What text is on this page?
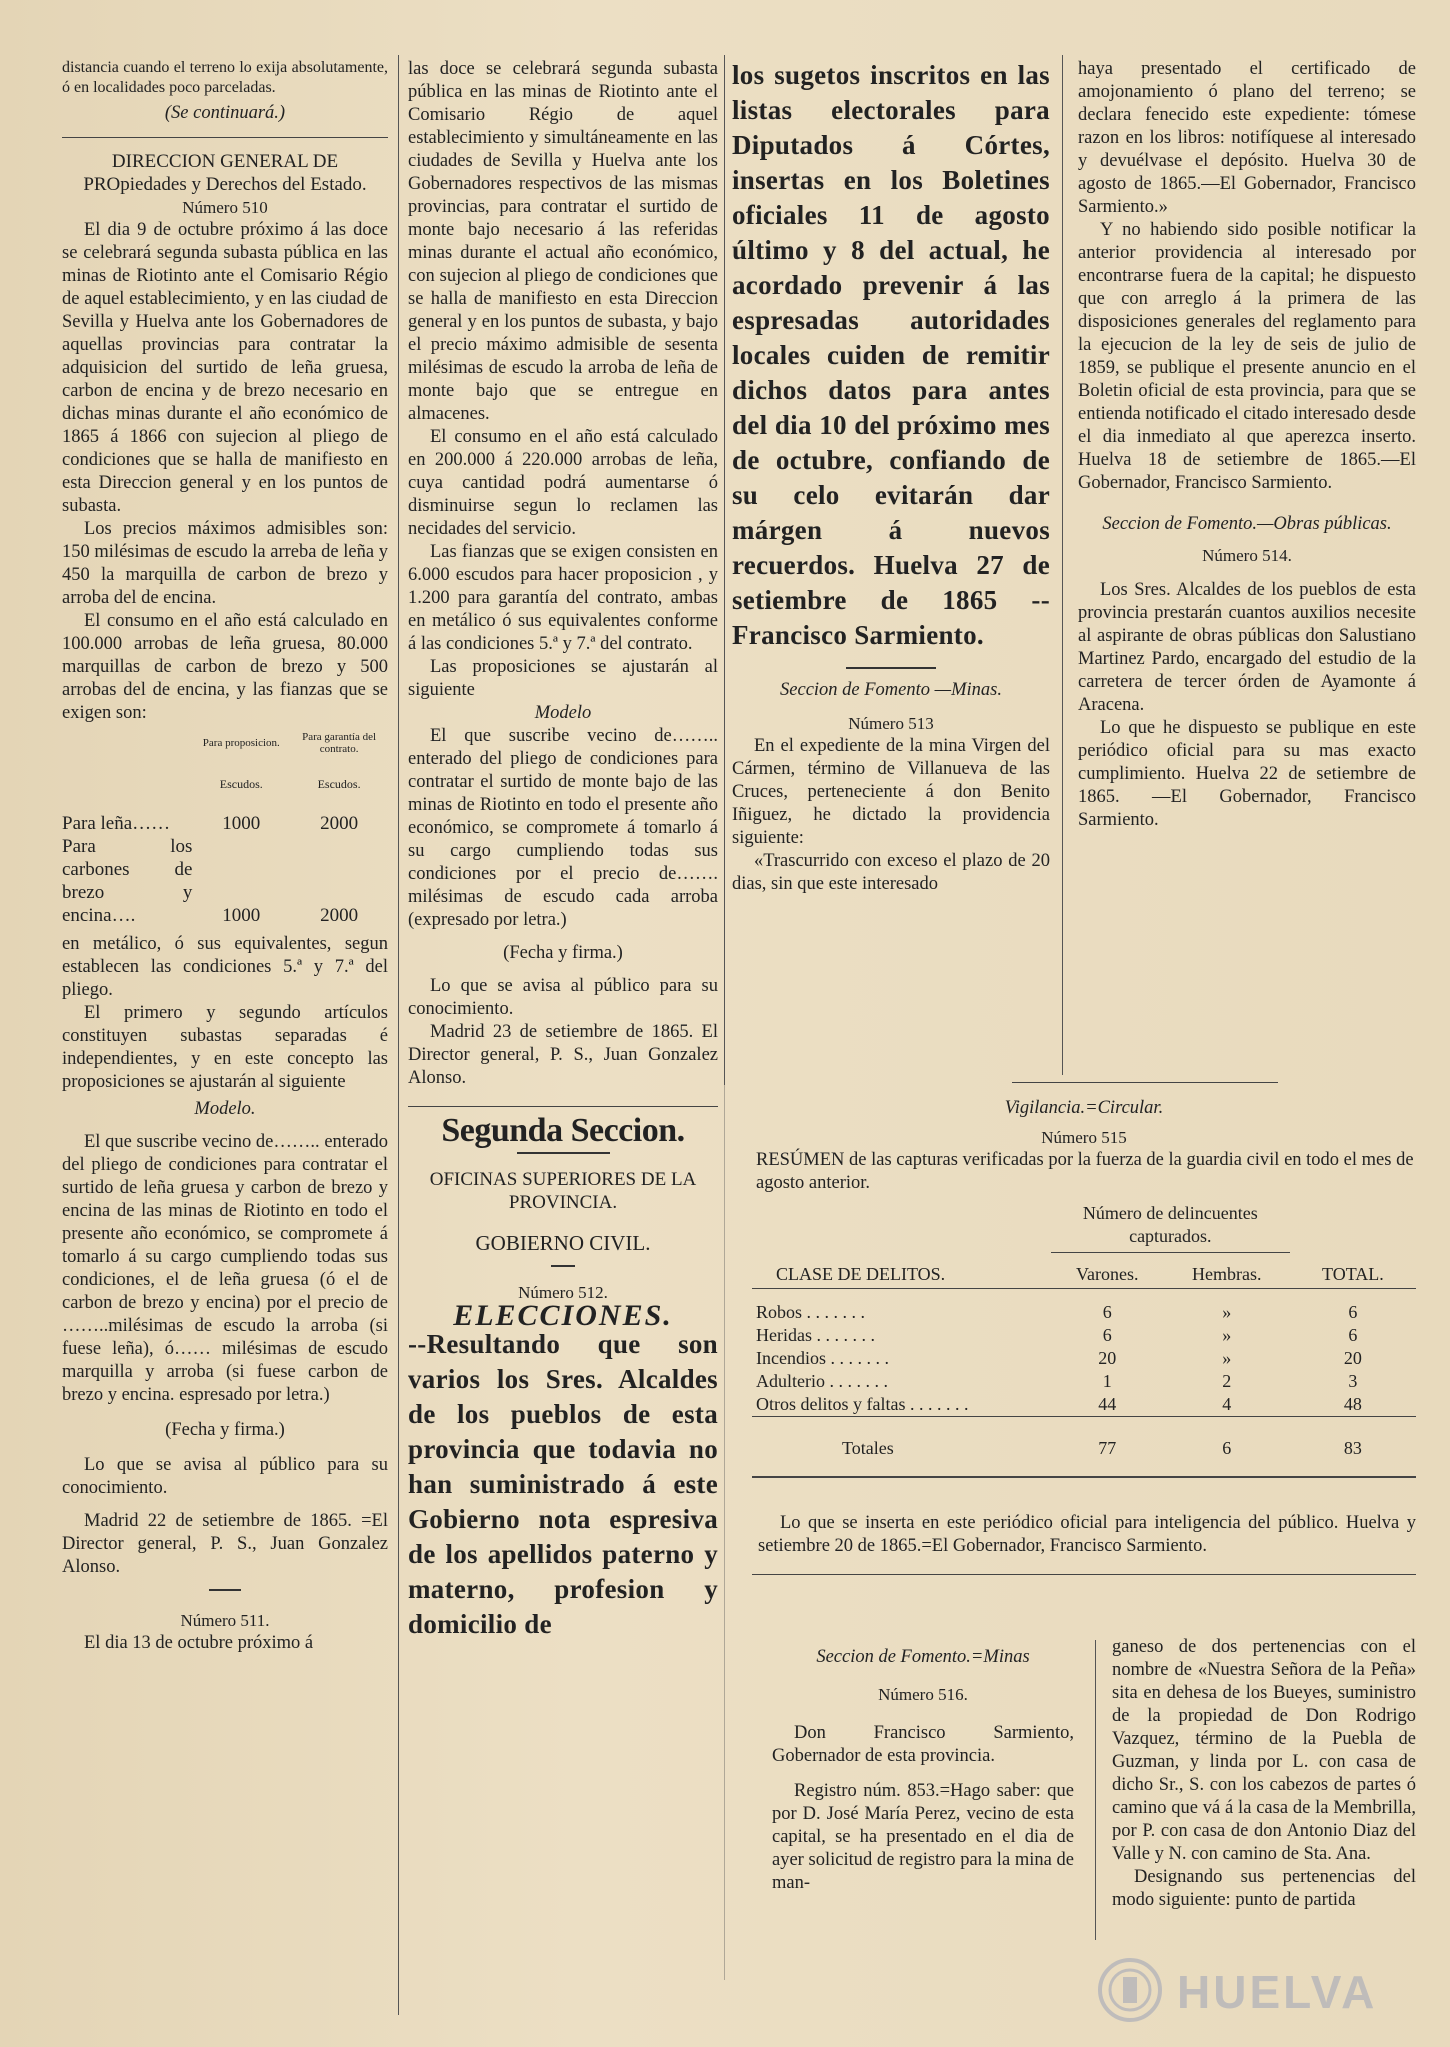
distancia cuando el terreno lo exija absolutamente, ó en localidades poco parceladas.

(Se continuará.)

DIRECCION GENERAL DE PROpiedades y Derechos del Estado.

Número 510

El dia 9 de octubre próximo á las doce se celebrará segunda subasta pública en las minas de Riotinto ante el Comisario Régio de aquel establecimiento, y en las ciudad de Sevilla y Huelva ante los Gobernadores de aquellas provincias para contratar la adquisicion del surtido de leña gruesa, carbon de encina y de brezo necesario en dichas minas durante el año económico de 1865 á 1866 con sujecion al pliego de condiciones que se halla de manifiesto en esta Direccion general y en los puntos de subasta.

Los precios máximos admisibles son: 150 milésimas de escudo la arreba de leña y 450 la marquilla de carbon de brezo y arroba del de encina.

El consumo en el año está calculado en 100.000 arrobas de leña gruesa, 80.000 marquillas de carbon de brezo y 500 arrobas del de encina, y las fianzas que se exigen son:

	Para proposicion.	Para garantía del contrato.
	Escudos.	Escudos.
Para leña……	1000	2000
Para los carbones de brezo y encina….	1000	2000

en metálico, ó sus equivalentes, segun establecen las condiciones 5.ª y 7.ª del pliego.

El primero y segundo artículos constituyen subastas separadas é independientes, y en este concepto las proposiciones se ajustarán al siguiente

Modelo.

El que suscribe vecino de…….. enterado del pliego de condiciones para contratar el surtido de leña gruesa y carbon de brezo y encina de las minas de Riotinto en todo el presente año económico, se compromete á tomarlo á su cargo cumpliendo todas sus condiciones, el de leña gruesa (ó el de carbon de brezo y encina) por el precio de ……..milésimas de escudo la arroba (si fuese leña), ó…… milésimas de escudo marquilla y arroba (si fuese carbon de brezo y encina. espresado por letra.)

(Fecha y firma.)

Lo que se avisa al público para su conocimiento.

Madrid 22 de setiembre de 1865. =El Director general, P. S., Juan Gonzalez Alonso.

Número 511.

El dia 13 de octubre próximo á

las doce se celebrará segunda subasta pública en las minas de Riotinto ante el Comisario Régio de aquel establecimiento y simultáneamente en las ciudades de Sevilla y Huelva ante los Gobernadores respectivos de las mismas provincias, para contratar el surtido de monte bajo necesario á las referidas minas durante el actual año económico, con sujecion al pliego de condiciones que se halla de manifiesto en esta Direccion general y en los puntos de subasta, y bajo el precio máximo admisible de sesenta milésimas de escudo la arroba de leña de monte bajo que se entregue en almacenes.

El consumo en el año está calculado en 200.000 á 220.000 arrobas de leña, cuya cantidad podrá aumentarse ó disminuirse segun lo reclamen las necidades del servicio.

Las fianzas que se exigen consisten en 6.000 escudos para hacer proposicion , y 1.200 para garantía del contrato, ambas en metálico ó sus equivalentes conforme á las condiciones 5.ª y 7.ª del contrato.

Las proposiciones se ajustarán al siguiente

Modelo

El que suscribe vecino de…….. enterado del pliego de condiciones para contratar el surtido de monte bajo de las minas de Riotinto en todo el presente año económico, se compromete á tomarlo á su cargo cumpliendo todas sus condiciones por el precio de……. milésimas de escudo cada arroba (expresado por letra.)

(Fecha y firma.)

Lo que se avisa al público para su conocimiento.

Madrid 23 de setiembre de 1865. El Director general, P. S., Juan Gonzalez Alonso.

Segunda Seccion.

OFICINAS SUPERIORES DE LA PROVINCIA.

GOBIERNO CIVIL.

Número 512.

ELECCIONES.

--Resultando que son varios los Sres. Alcaldes de los pueblos de esta provincia que todavia no han suministrado á este Gobierno nota espresiva de los apellidos paterno y materno, profesion y domicilio de

los sugetos inscritos en las listas electorales para Diputados á Córtes, insertas en los Boletines oficiales 11 de agosto último y 8 del actual, he acordado prevenir á las espresadas autoridades locales cuiden de remitir dichos datos para antes del dia 10 del próximo mes de octubre, confiando de su celo evitarán dar márgen á nuevos recuerdos. Huelva 27 de setiembre de 1865 --Francisco Sarmiento.

Seccion de Fomento —Minas.

Número 513

En el expediente de la mina Virgen del Cármen, término de Villanueva de las Cruces, perteneciente á don Benito Iñiguez, he dictado la providencia siguiente:

«Trascurrido con exceso el plazo de 20 dias, sin que este interesado

haya presentado el certificado de amojonamiento ó plano del terreno; se declara fenecido este expediente: tómese razon en los libros: notifíquese al interesado y devuélvase el depósito. Huelva 30 de agosto de 1865.—El Gobernador, Francisco Sarmiento.»

Y no habiendo sido posible notificar la anterior providencia al interesado por encontrarse fuera de la capital; he dispuesto que con arreglo á la primera de las disposiciones generales del reglamento para la ejecucion de la ley de seis de julio de 1859, se publique el presente anuncio en el Boletin oficial de esta provincia, para que se entienda notificado el citado interesado desde el dia inmediato al que aperezca inserto. Huelva 18 de setiembre de 1865.—El Gobernador, Francisco Sarmiento.

Seccion de Fomento.—Obras públicas.

Número 514.

Los Sres. Alcaldes de los pueblos de esta provincia prestarán cuantos auxilios necesite al aspirante de obras públicas don Salustiano Martinez Pardo, encargado del estudio de la carretera de tercer órden de Ayamonte á Aracena.

Lo que he dispuesto se publique en este periódico oficial para su mas exacto cumplimiento. Huelva 22 de setiembre de 1865. —El Gobernador, Francisco Sarmiento.

Vigilancia.=Circular.

Número 515

RESÚMEN de las capturas verificadas por la fuerza de la guardia civil en todo el mes de agosto anterior.

	Número de delincuentes capturados.		
CLASE DE DELITOS.	Varones.	Hembras.	TOTAL.

Robos . . . . . . .	6	»	6
Heridas . . . . . . .	6	»	6
Incendios . . . . . . .	20	»	20
Adulterio . . . . . . .	1	2	3
Otros delitos y faltas . . . . . . .	44	4	48

Totales	77	6	83

Lo que se inserta en este periódico oficial para inteligencia del público. Huelva y setiembre 20 de 1865.=El Gobernador, Francisco Sarmiento.

Seccion de Fomento.=Minas

Número 516.

Don Francisco Sarmiento, Gobernador de esta provincia.

Registro núm. 853.=Hago saber: que por D. José María Perez, vecino de esta capital, se ha presentado en el dia de ayer solicitud de registro para la mina de man-

ganeso de dos pertenencias con el nombre de «Nuestra Señora de la Peña» sita en dehesa de los Bueyes, suministro de la propiedad de Don Rodrigo Vazquez, término de la Puebla de Guzman, y linda por L. con casa de dicho Sr., S. con los cabezos de partes ó camino que vá á la casa de la Membrilla, por P. con casa de don Antonio Diaz del Valle y N. con camino de Sta. Ana.

Designando sus pertenencias del modo siguiente: punto de partida

HUELVA
